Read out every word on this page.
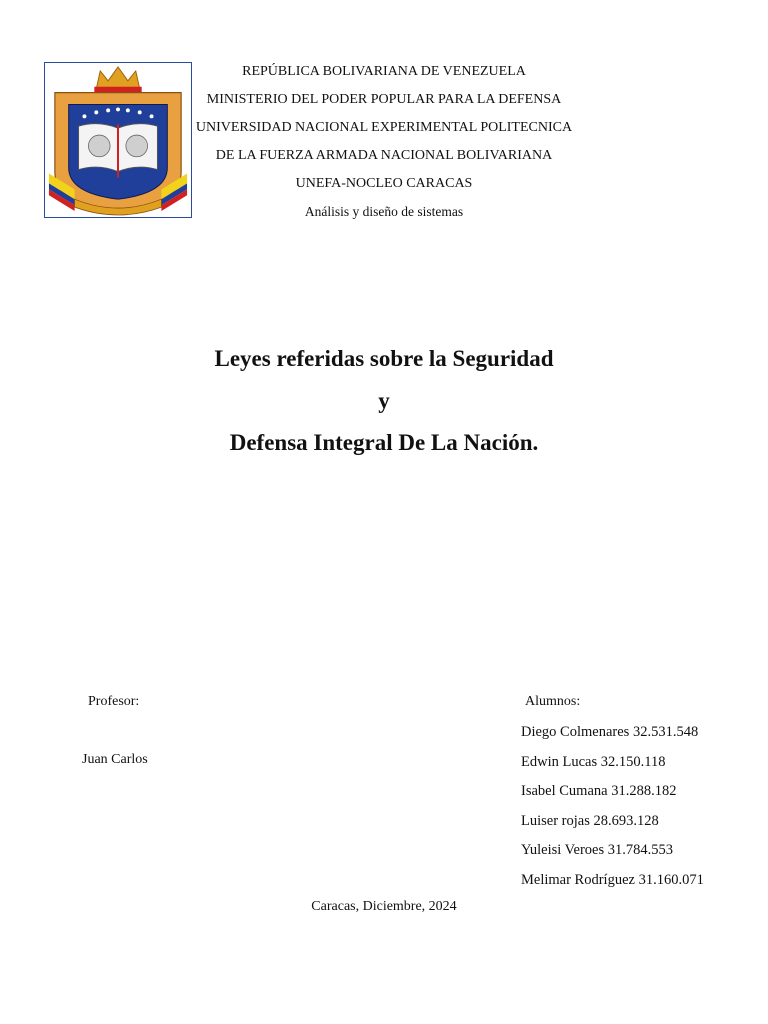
REPÚBLICA BOLIVARIANA DE VENEZUELA
MINISTERIO DEL PODER POPULAR PARA LA DEFENSA
UNIVERSIDAD NACIONAL EXPERIMENTAL POLITECNICA
DE LA FUERZA ARMADA NACIONAL BOLIVARIANA
UNEFA-NOCLEO CARACAS
Análisis y diseño de sistemas
Leyes referidas sobre la Seguridad
y
Defensa Integral De La Nación.
Profesor:
Juan Carlos
Alumnos:
Diego Colmenares 32.531.548
Edwin Lucas 32.150.118
Isabel Cumana 31.288.182
Luiser rojas 28.693.128
Yuleisi Veroes 31.784.553
Melimar Rodríguez 31.160.071
Caracas, Diciembre, 2024
